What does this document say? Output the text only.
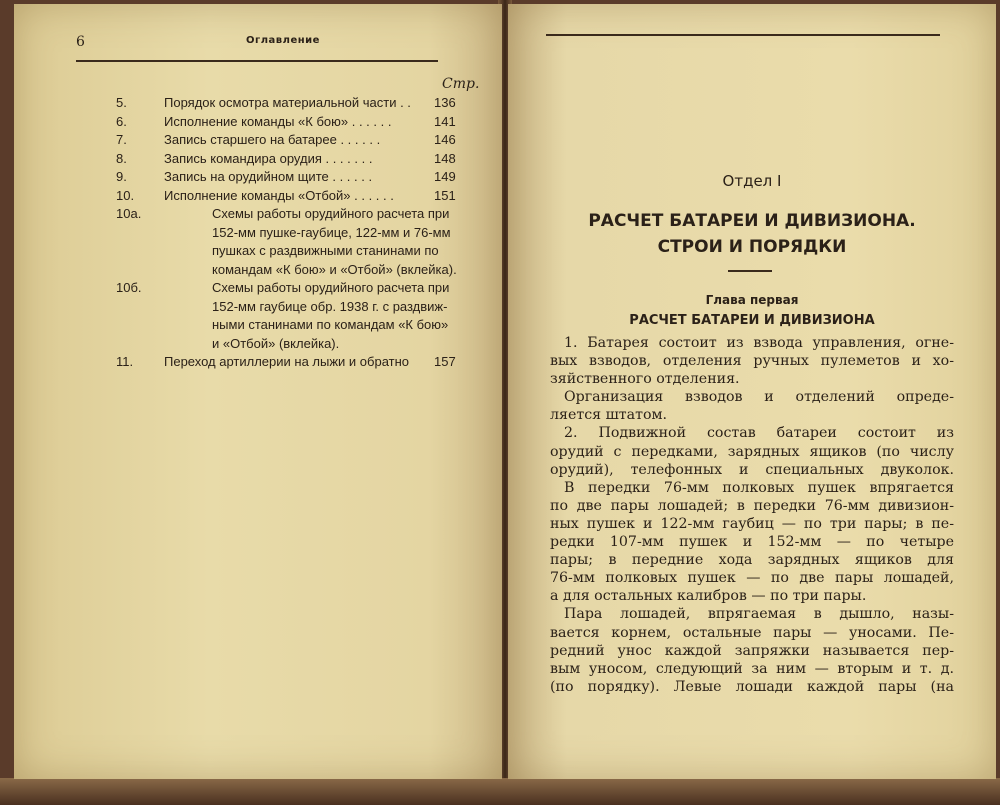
6	Оглавление
Стр.
5.	Порядок осмотра материальной части . . 136
6.	Исполнение команды «К бою» . . . . . .	141
7.	Запись старшего на батарее . . . . . .	146
8.	Запись командира орудия . . . . . . .	148
9.	Запись на орудийном щите . . . . . .	149
10.	Исполнение команды «Отбой» . . . . . .	151
10а.	Схемы работы орудийного расчета при
152-мм пушке-гаубице, 122-мм и 76-мм
пушках с раздвижными станинами по
командам «К бою» и «Отбой» (вклейка).
10б.	Схемы работы орудийного расчета при
152-мм гаубице обр. 1938 г. с раздвиж-
ными станинами по командам «К бою»
и «Отбой» (вклейка).
11.	Переход артиллерии на лыжи и обратно 157
Отдел I
РАСЧЕТ БАТАРЕИ И ДИВИЗИОНА.
СТРОИ И ПОРЯДКИ
Глава первая
РАСЧЕТ БАТАРЕИ И ДИВИЗИОНА
1. Батарея состоит из взвода управления, огне-
вых взводов, отделения ручных пулеметов и хо-
зяйственного отделения.
Организация взводов и отделений опреде-
ляется штатом.
2. Подвижной состав батареи состоит из
орудий с передками, зарядных ящиков (по числу
орудий), телефонных и специальных двуколок.
В передки 76-мм полковых пушек впрягается
по две пары лошадей; в передки 76-мм дивизион-
ных пушек и 122-мм гаубиц — по три пары; в пе-
редки 107-мм пушек и 152-мм — по четыре
пары; в передние хода зарядных ящиков для
76-мм полковых пушек — по две пары лошадей,
а для остальных калибров — по три пары.
Пара лошадей, впрягаемая в дышло, назы-
вается корнем, остальные пары — уносами. Пе-
редний унос каждой запряжки называется пер-
вым уносом, следующий за ним — вторым и т. д.
(по порядку). Левые лошади каждой пары (на
